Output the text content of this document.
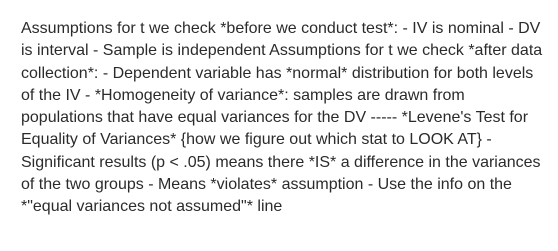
Assumptions for t we check *before we conduct test*: - IV is nominal - DV is interval - Sample is independent Assumptions for t we check *after data collection*: - Dependent variable has *normal* distribution for both levels of the IV - *Homogeneity of variance*: samples are drawn from populations that have equal variances for the DV ----- *Levene's Test for Equality of Variances* {how we figure out which stat to LOOK AT} - Significant results (p < .05) means there *IS* a difference in the variances of the two groups - Means *violates* assumption - Use the info on the *"equal variances not assumed"* line
